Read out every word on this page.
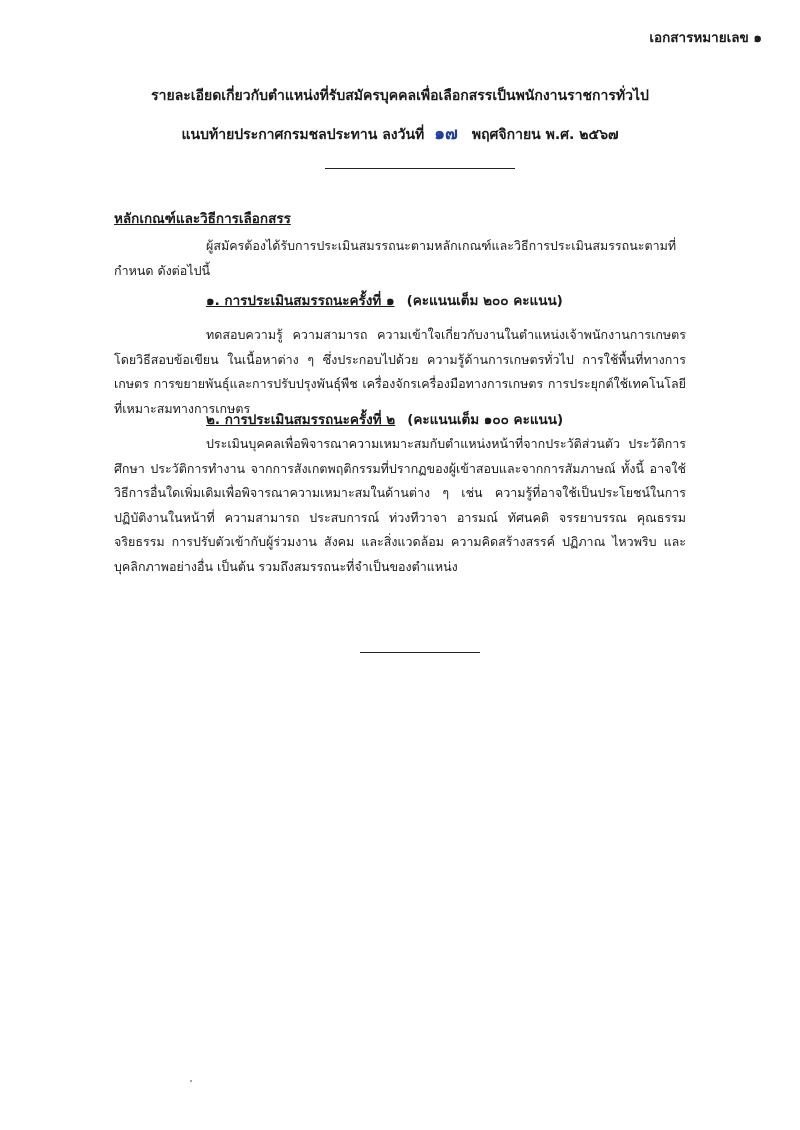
เอกสารหมายเลข ๑
รายละเอียดเกี่ยวกับตำแหน่งที่รับสมัครบุคคลเพื่อเลือกสรรเป็นพนักงานราชการทั่วไป
แนบท้ายประกาศกรมชลประทาน ลงวันที่ ๑๗ พฤศจิกายน พ.ศ. ๒๕๖๗
หลักเกณฑ์และวิธีการเลือกสรร

ผู้สมัครต้องได้รับการประเมินสมรรถนะตามหลักเกณฑ์และวิธีการประเมินสมรรถนะตามที่กำหนด ดังต่อไปนี้

๑. การประเมินสมรรถนะครั้งที่ ๑ (คะแนนเต็ม ๒๐๐ คะแนน)

ทดสอบความรู้ ความสามารถ ความเข้าใจเกี่ยวกับงานในตำแหน่งเจ้าพนักงานการเกษตร โดยวิธีสอบข้อเขียน ในเนื้อหาต่าง ๆ ซึ่งประกอบไปด้วย ความรู้ด้านการเกษตรทั่วไป การใช้พื้นที่ทางการเกษตร การขยายพันธุ์และการปรับปรุงพันธุ์พืช เครื่องจักรเครื่องมือทางการเกษตร การประยุกต์ใช้เทคโนโลยีที่เหมาะสมทางการเกษตร

๒. การประเมินสมรรถนะครั้งที่ ๒ (คะแนนเต็ม ๑๐๐ คะแนน)

ประเมินบุคคลเพื่อพิจารณาความเหมาะสมกับตำแหน่งหน้าที่จากประวัติส่วนตัว ประวัติการศึกษา ประวัติการทำงาน จากการสังเกตพฤติกรรมที่ปรากฏของผู้เข้าสอบและจากการสัมภาษณ์ ทั้งนี้ อาจใช้วิธีการอื่นใดเพิ่มเติมเพื่อพิจารณาความเหมาะสมในด้านต่าง ๆ เช่น ความรู้ที่อาจใช้เป็นประโยชน์ในการปฏิบัติงานในหน้าที่ ความสามารถ ประสบการณ์ ท่วงทีวาจา อารมณ์ ทัศนคติ จรรยาบรรณ คุณธรรม จริยธรรม การปรับตัวเข้ากับผู้ร่วมงาน สังคม และสิ่งแวดล้อม ความคิดสร้างสรรค์ ปฏิภาณ ไหวพริบ และบุคลิกภาพอย่างอื่น เป็นต้น รวมถึงสมรรถนะที่จำเป็นของตำแหน่ง
